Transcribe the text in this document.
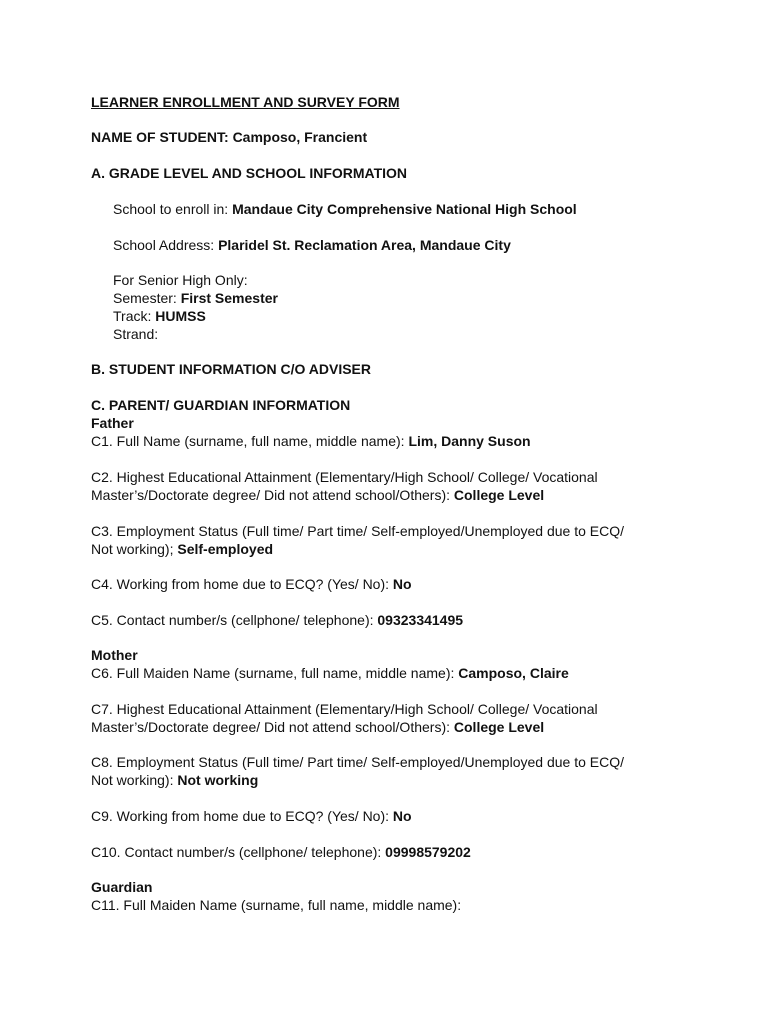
LEARNER ENROLLMENT AND SURVEY FORM
NAME OF STUDENT: Camposo, Francient
A. GRADE LEVEL AND SCHOOL INFORMATION
School to enroll in: Mandaue City Comprehensive National High School
School Address: Plaridel St. Reclamation Area, Mandaue City
For Senior High Only:
Semester: First Semester
Track: HUMSS
Strand:
B. STUDENT INFORMATION C/O ADVISER
C. PARENT/ GUARDIAN INFORMATION
Father
C1. Full Name (surname, full name, middle name): Lim, Danny Suson
C2. Highest Educational Attainment (Elementary/High School/ College/ Vocational
Master’s/Doctorate degree/ Did not attend school/Others): College Level
C3. Employment Status (Full time/ Part time/ Self-employed/Unemployed due to ECQ/
Not working); Self-employed
C4. Working from home due to ECQ? (Yes/ No): No
C5. Contact number/s (cellphone/ telephone): 09323341495
Mother
C6. Full Maiden Name (surname, full name, middle name): Camposo, Claire
C7. Highest Educational Attainment (Elementary/High School/ College/ Vocational
Master’s/Doctorate degree/ Did not attend school/Others): College Level
C8. Employment Status (Full time/ Part time/ Self-employed/Unemployed due to ECQ/
Not working): Not working
C9. Working from home due to ECQ? (Yes/ No): No
C10. Contact number/s (cellphone/ telephone): 09998579202
Guardian
C11. Full Maiden Name (surname, full name, middle name):
